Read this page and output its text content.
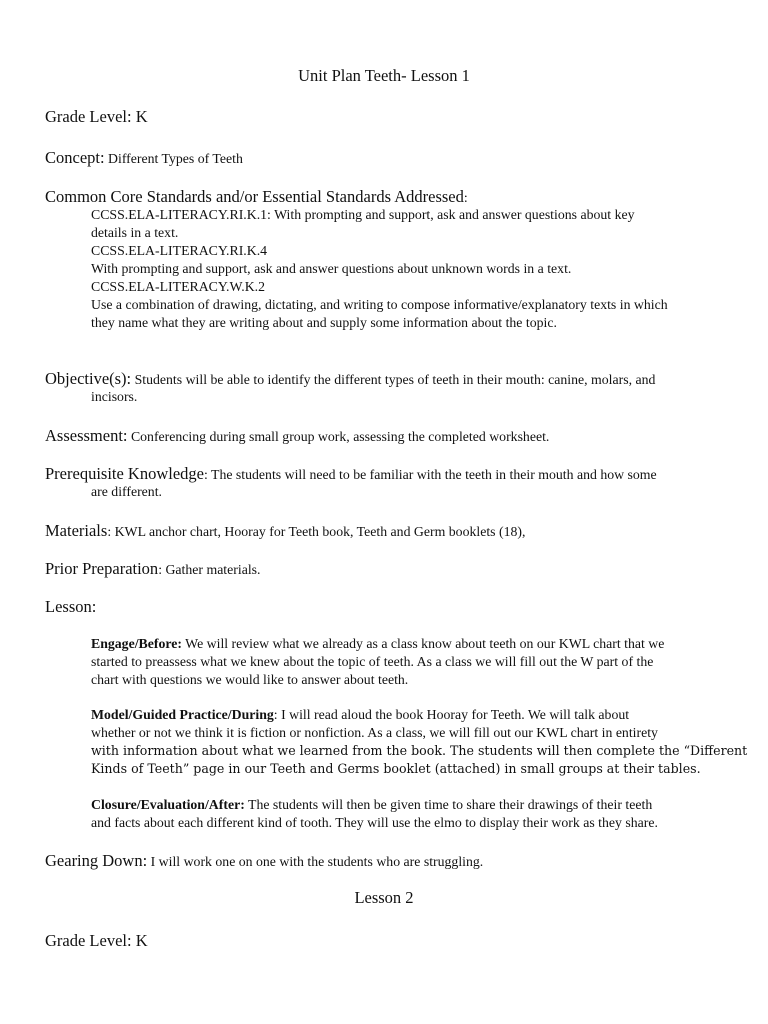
Unit Plan Teeth- Lesson 1
Grade Level: K
Concept: Different Types of Teeth
Common Core Standards and/or Essential Standards Addressed:
CCSS.ELA-LITERACY.RI.K.1: With prompting and support, ask and answer questions about key
details in a text.
CCSS.ELA-LITERACY.RI.K.4
With prompting and support, ask and answer questions about unknown words in a text.
CCSS.ELA-LITERACY.W.K.2
Use a combination of drawing, dictating, and writing to compose informative/explanatory texts in which
they name what they are writing about and supply some information about the topic.
Objective(s): Students will be able to identify the different types of teeth in their mouth: canine, molars, and
incisors.
Assessment: Conferencing during small group work, assessing the completed worksheet.
Prerequisite Knowledge: The students will need to be familiar with the teeth in their mouth and how some
are different.
Materials: KWL anchor chart, Hooray for Teeth book, Teeth and Germ booklets (18),
Prior Preparation: Gather materials.
Lesson:
Engage/Before: We will review what we already as a class know about teeth on our KWL chart that we
started to preassess what we knew about the topic of teeth. As a class we will fill out the W part of the
chart with questions we would like to answer about teeth.
Model/Guided Practice/During: I will read aloud the book Hooray for Teeth. We will talk about
whether or not we think it is fiction or nonfiction. As a class, we will fill out our KWL chart in entirety
with information about what we learned from the book. The students will then complete the “Different
Kinds of Teeth” page in our Teeth and Germs booklet (attached) in small groups at their tables.
Closure/Evaluation/After: The students will then be given time to share their drawings of their teeth
and facts about each different kind of tooth. They will use the elmo to display their work as they share.
Gearing Down: I will work one on one with the students who are struggling.
Lesson 2
Grade Level: K
